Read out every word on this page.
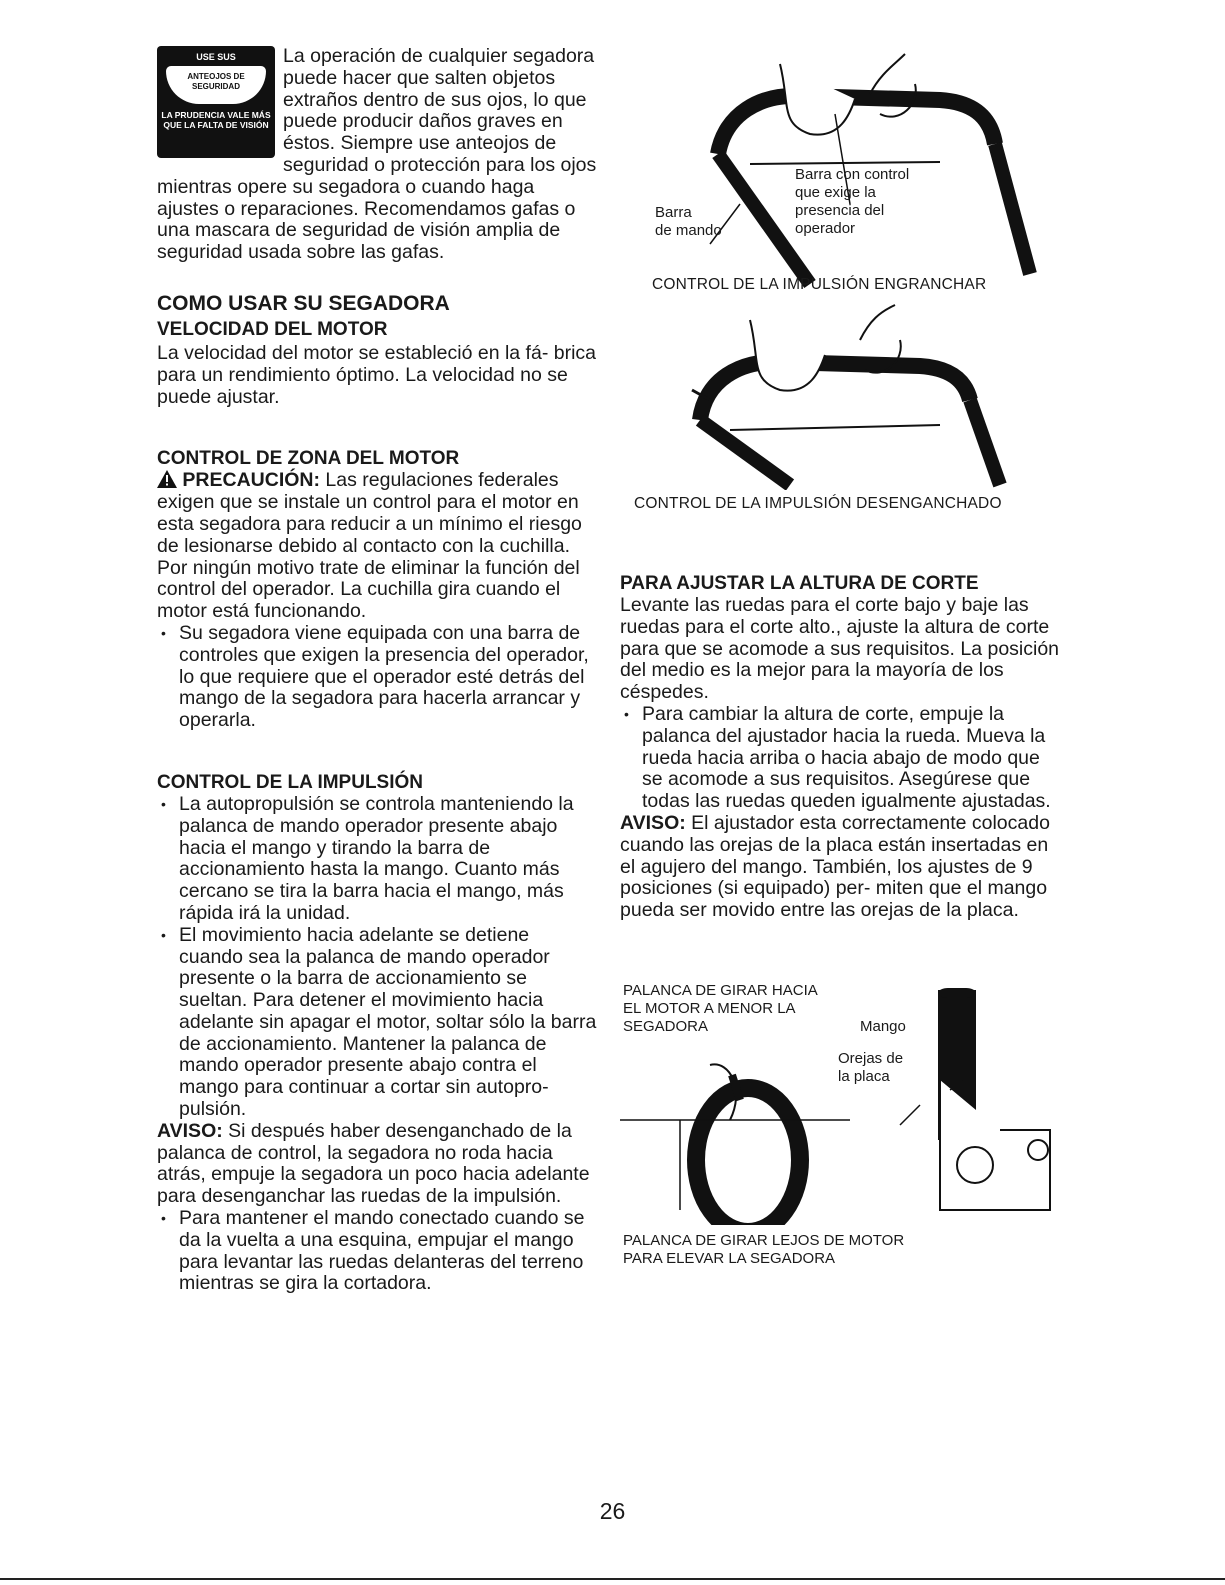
USE SUS
ANTEOJOS DE SEGURIDAD
LA PRUDENCIA VALE MÁS QUE LA FALTA DE VISIÓN

La operación de cualquier segadora puede hacer que salten objetos extraños dentro de sus ojos, lo que puede producir daños graves en éstos. Siempre use anteojos de seguridad o protección para los ojos mientras opere su segadora o cuando haga ajustes o reparaciones. Recomendamos gafas o una mascara de seguridad de visión amplia de seguridad usada sobre las gafas.

COMO USAR SU SEGADORA
VELOCIDAD DEL MOTOR

La velocidad del motor se estableció en la fá- brica para un rendimiento óptimo. La velocidad no se puede ajustar.

CONTROL DE ZONA DEL MOTOR

PRECAUCIÓN: Las regulaciones federales exigen que se instale un control para el motor en esta segadora para reducir a un mínimo el riesgo de lesionarse debido al contacto con la cuchilla. Por ningún motivo trate de eliminar la función del control del operador. La cuchilla gira cuando el motor está funcionando.

• Su segadora viene equipada con una barra de controles que exigen la presencia del operador, lo que requiere que el operador esté detrás del mango de la segadora para hacerla arrancar y operarla.
CONTROL DE LA IMPULSIÓN
• La autopropulsión se controla manteniendo la palanca de mando operador presente abajo hacia el mango y tirando la barra de accionamiento hasta la mango. Cuanto más cercano se tira la barra hacia el mango, más rápida irá la unidad.
• El movimiento hacia adelante se detiene cuando sea la palanca de mando operador presente o la barra de accionamiento se sueltan. Para detener el movimiento hacia adelante sin apagar el motor, soltar sólo la barra de accionamiento. Mantener la palanca de mando operador presente abajo contra el mango para continuar a cortar sin autopro- pulsión.

AVISO: Si después haber desenganchado de la palanca de control, la segadora no roda hacia atrás, empuje la segadora un poco hacia adelante para desenganchar las ruedas de la impulsión.

• Para mantener el mando conectado cuando se da la vuelta a una esquina, empujar el mango para levantar las ruedas delanteras del terreno mientras se gira la cortadora.
Barra
de mando
Barra con control
que exige la
presencia del
operador
CONTROL DE LA IMPULSIÓN ENGRANCHAR
CONTROL DE LA IMPULSIÓN DESENGANCHADO
PARA AJUSTAR LA ALTURA DE CORTE

Levante las ruedas para el corte bajo y baje las ruedas para el corte alto., ajuste la altura de corte para que se acomode a sus requisitos. La posición del medio es la mejor para la mayoría de los céspedes.

• Para cambiar la altura de corte, empuje la palanca del ajustador hacia la rueda. Mueva la rueda hacia arriba o hacia abajo de modo que se acomode a sus requisitos. Asegúrese que todas las ruedas queden igualmente ajustadas.

AVISO: El ajustador esta correctamente colocado cuando las orejas de la placa están insertadas en el agujero del mango. También, los ajustes de 9 posiciones (si equipado) per- miten que el mango pueda ser movido entre las orejas de la placa.

PALANCA DE GIRAR HACIA
EL MOTOR A MENOR LA
SEGADORA	Mango
Orejas de
la placa
PALANCA DE GIRAR LEJOS DE MOTOR
PARA ELEVAR LA SEGADORA
26
